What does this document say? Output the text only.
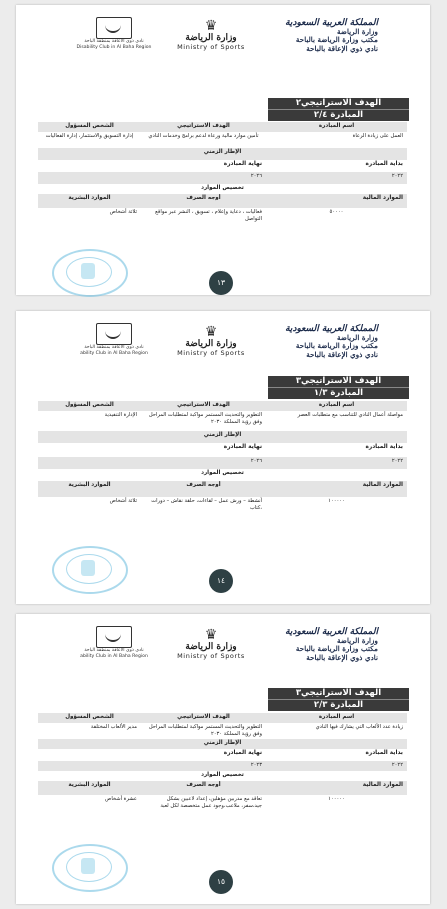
المملكة العربية السعودية
وزارة الرياضة
مكتب وزارة الرياضة بالباحة
نادي ذوي الإعاقة بالباحة
♛
وزارة الرياضة
Ministry of Sports
نادي ذوي الاعاقة بمنطقة الباحة
Disability Club in Al Baha Region
الهدف الاستراتيجي٢
المبادرة ٢/٤
اسم المبادرة
الهدف الاستراتيجي
الشخص المسؤول
العمل على زيادة الرعاة
تأمين موارد مالية ورعاة لدعم برامج وخدمات النادي
إدارة التسويق والاستثمار، إدارة الفعاليات
الإطار الزمني
بداية المبادرة
نهاية المبادرة
٢٠٢٢
٢٠٢٦
تخصيص الموارد
الموارد المالية
أوجه الصرف
الموارد البشرية
٥٠٠٠٠
فعاليات ، دعاية وإعلام ، تسويق ، النشر عبر مواقع التواصل
ثلاثة أشخاص
١٣
المملكة العربية السعودية
وزارة الرياضة
مكتب وزارة الرياضة بالباحة
نادي ذوي الإعاقة بالباحة
♛
وزارة الرياضة
Ministry of Sports
نادي ذوي الاعاقة بمنطقة الباحة
ability Club in Al Baha Region
الهدف الاستراتيجي٣
المبادرة ١/٣
اسم المبادرة
الهدف الاستراتيجي
الشخص المسؤول
مواصلة أعمال النادي للتناسب مع متطلبات العصر
التطوير والتحديث المستمر مواكبة لمتطلبات المراحل وفق رؤية المملكة ٢٠٣٠
الإدارة التنفيذية
الإطار الزمني
بداية المبادرة
نهاية المبادرة
٢٠٢٢
٢٠٢٦
تخصيص الموارد
الموارد المالية
أوجه الصرف
الموارد البشرية
١٠٠٠٠٠
أنشطة – ورش عمل – لقاءات، حلقة نقاش – دورات ،كتاب
ثلاثة أشخاص
١٤
المملكة العربية السعودية
وزارة الرياضة
مكتب وزارة الرياضة بالباحة
نادي ذوي الإعاقة بالباحة
♛
وزارة الرياضة
Ministry of Sports
نادي ذوي الاعاقة بمنطقة الباحة
ability Club in Al Baha Region
الهدف الاستراتيجي٣
المبادرة ٢/٣
اسم المبادرة
الهدف الاستراتيجي
الشخص المسؤول
زيادة عدد الألعاب التي يشارك فيها النادي
التطوير والتحديث المستمر مواكبة لمتطلبات المراحل وفق رؤية المملكة ٢٠٣٠
مدير الألعاب المختلفة
الإطار الزمني
بداية المبادرة
نهاية المبادرة
٢٠٢٢
٢٠٢٣
تخصيص الموارد
الموارد المالية
أوجه الصرف
الموارد البشرية
١٠٠٠٠٠
تعاقد مع مدربين مؤهلين، إعداد لاعبين بشكل جيد،سفر، ملاعب،وجود عمل متخصصة لكل لعبة
عشرة أشخاص
١٥
